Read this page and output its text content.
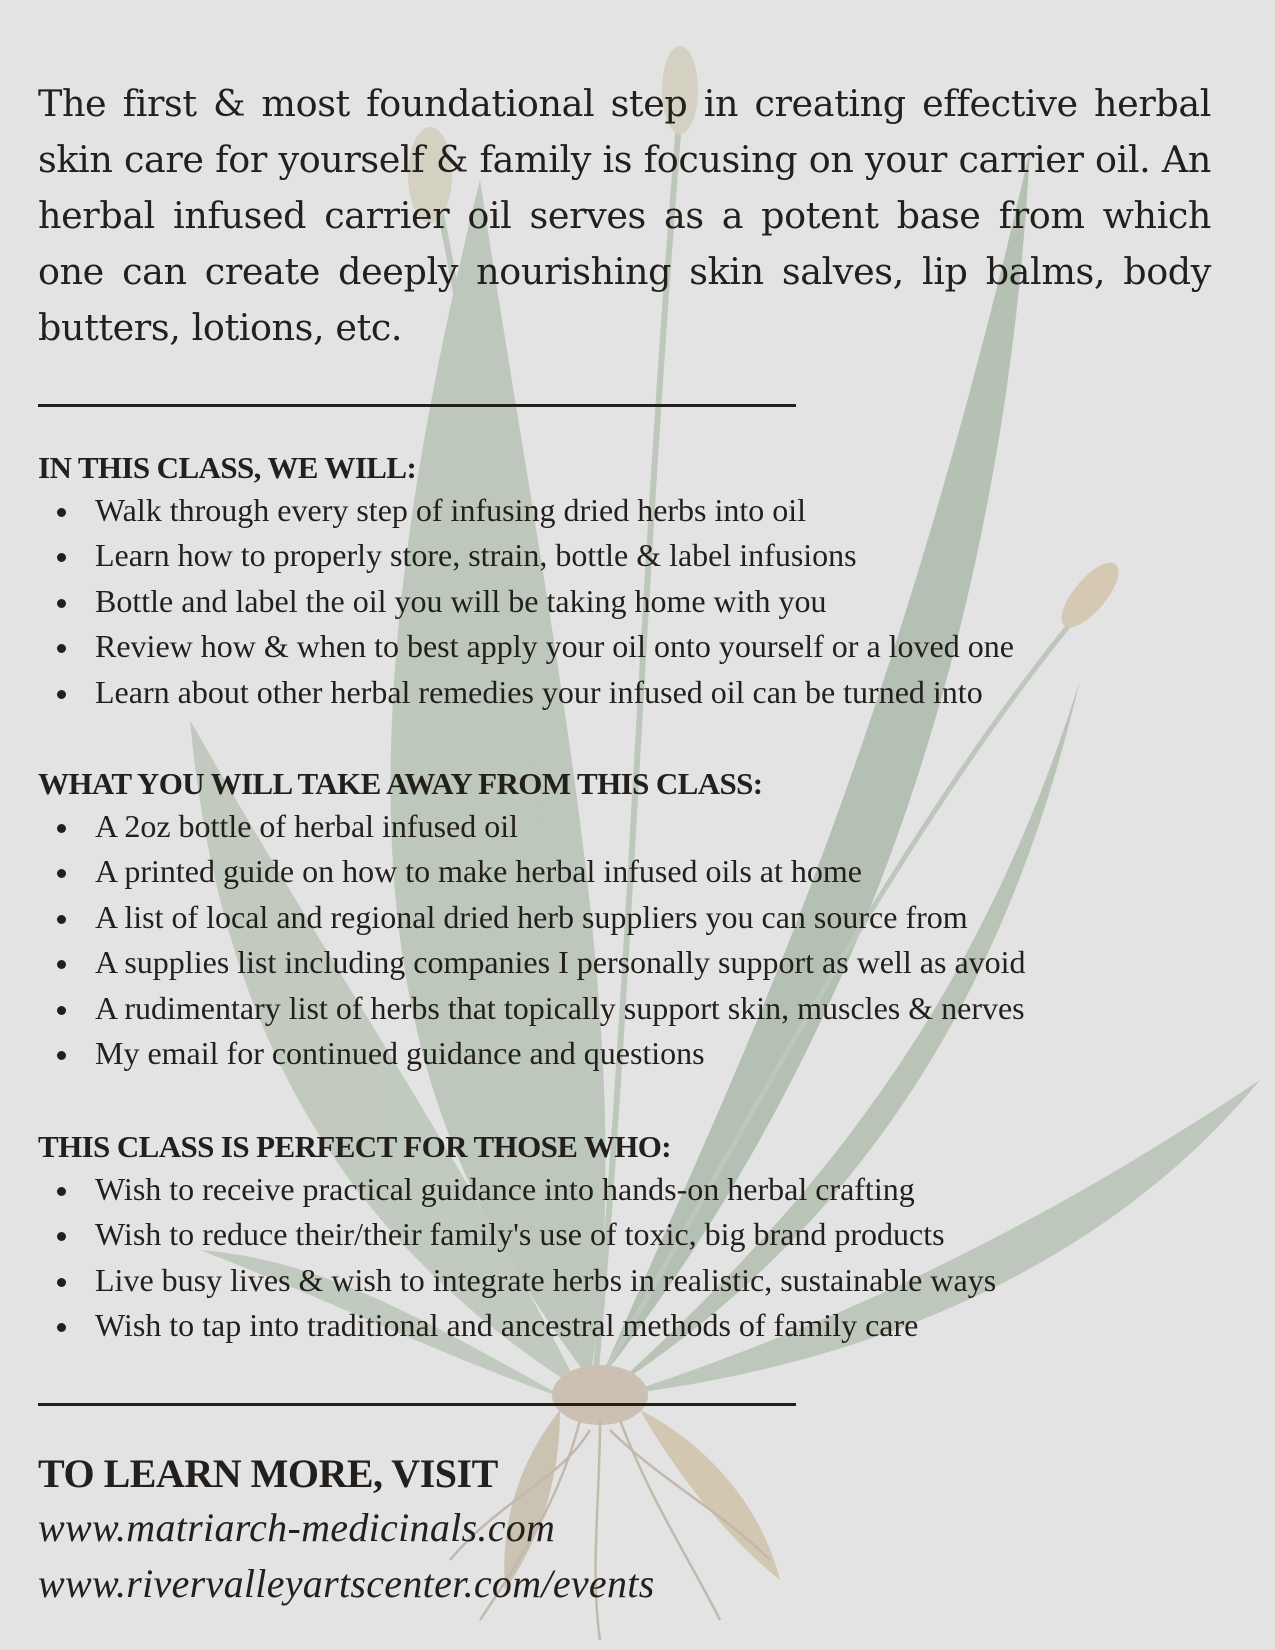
The first & most foundational step in creating effective herbal skin care for yourself & family is focusing on your carrier oil. An herbal infused carrier oil serves as a potent base from which one can create deeply nourishing skin salves, lip balms, body butters, lotions, etc.

IN THIS CLASS, WE WILL:
Walk through every step of infusing dried herbs into oil
Learn how to properly store, strain, bottle & label infusions
Bottle and label the oil you will be taking home with you
Review how & when to best apply your oil onto yourself or a loved one
Learn about other herbal remedies your infused oil can be turned into
WHAT YOU WILL TAKE AWAY FROM THIS CLASS:
A 2oz bottle of herbal infused oil
A printed guide on how to make herbal infused oils at home
A list of local and regional dried herb suppliers you can source from
A supplies list including companies I personally support as well as avoid
A rudimentary list of herbs that topically support skin, muscles & nerves
My email for continued guidance and questions
THIS CLASS IS PERFECT FOR THOSE WHO:
Wish to receive practical guidance into hands-on herbal crafting
Wish to reduce their/their family's use of toxic, big brand products
Live busy lives & wish to integrate herbs in realistic, sustainable ways
Wish to tap into traditional and ancestral methods of family care
TO LEARN MORE, VISIT
www.matriarch-medicinals.com
www.rivervalleyartscenter.com/events
